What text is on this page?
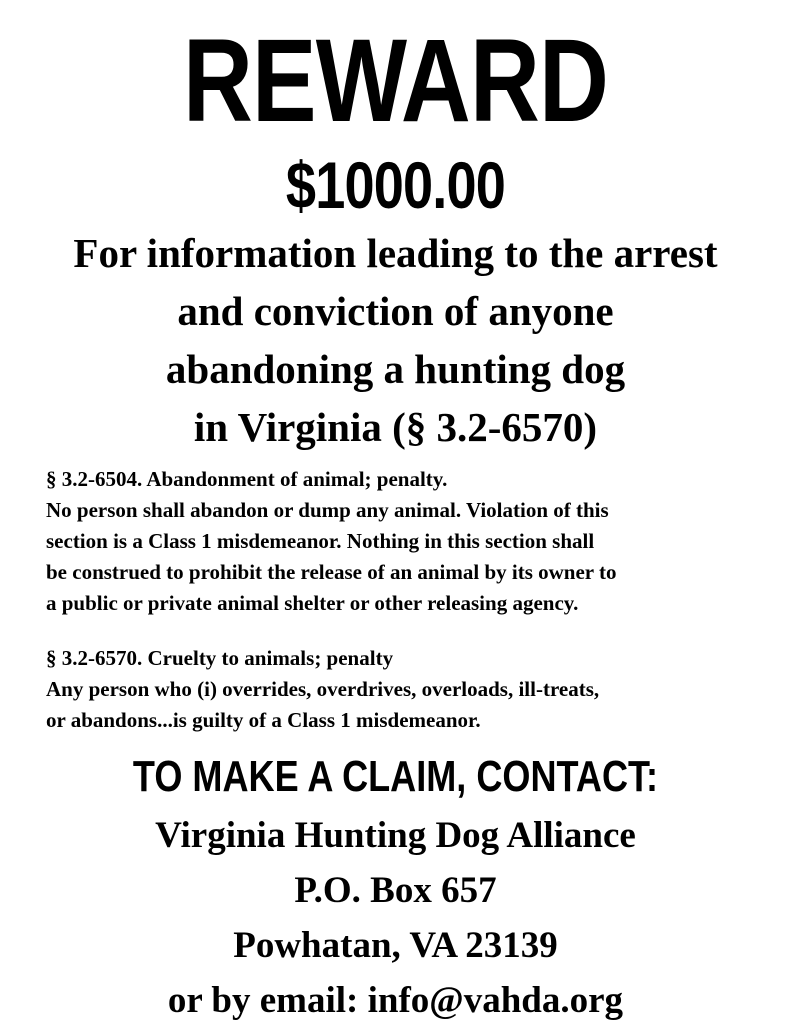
REWARD
$1000.00

For information leading to the arrest
and conviction of anyone
abandoning a hunting dog
in Virginia (§ 3.2-6570)

§ 3.2-6504. Abandonment of animal; penalty.
No person shall abandon or dump any animal. Violation of this
section is a Class 1 misdemeanor. Nothing in this section shall
be construed to prohibit the release of an animal by its owner to
a public or private animal shelter or other releasing agency.
§ 3.2-6570. Cruelty to animals; penalty
Any person who (i) overrides, overdrives, overloads, ill-treats,
or abandons...is guilty of a Class 1 misdemeanor.
TO MAKE A CLAIM, CONTACT:

Virginia Hunting Dog Alliance
P.O. Box 657
Powhatan, VA 23139
or by email: info@vahda.org
